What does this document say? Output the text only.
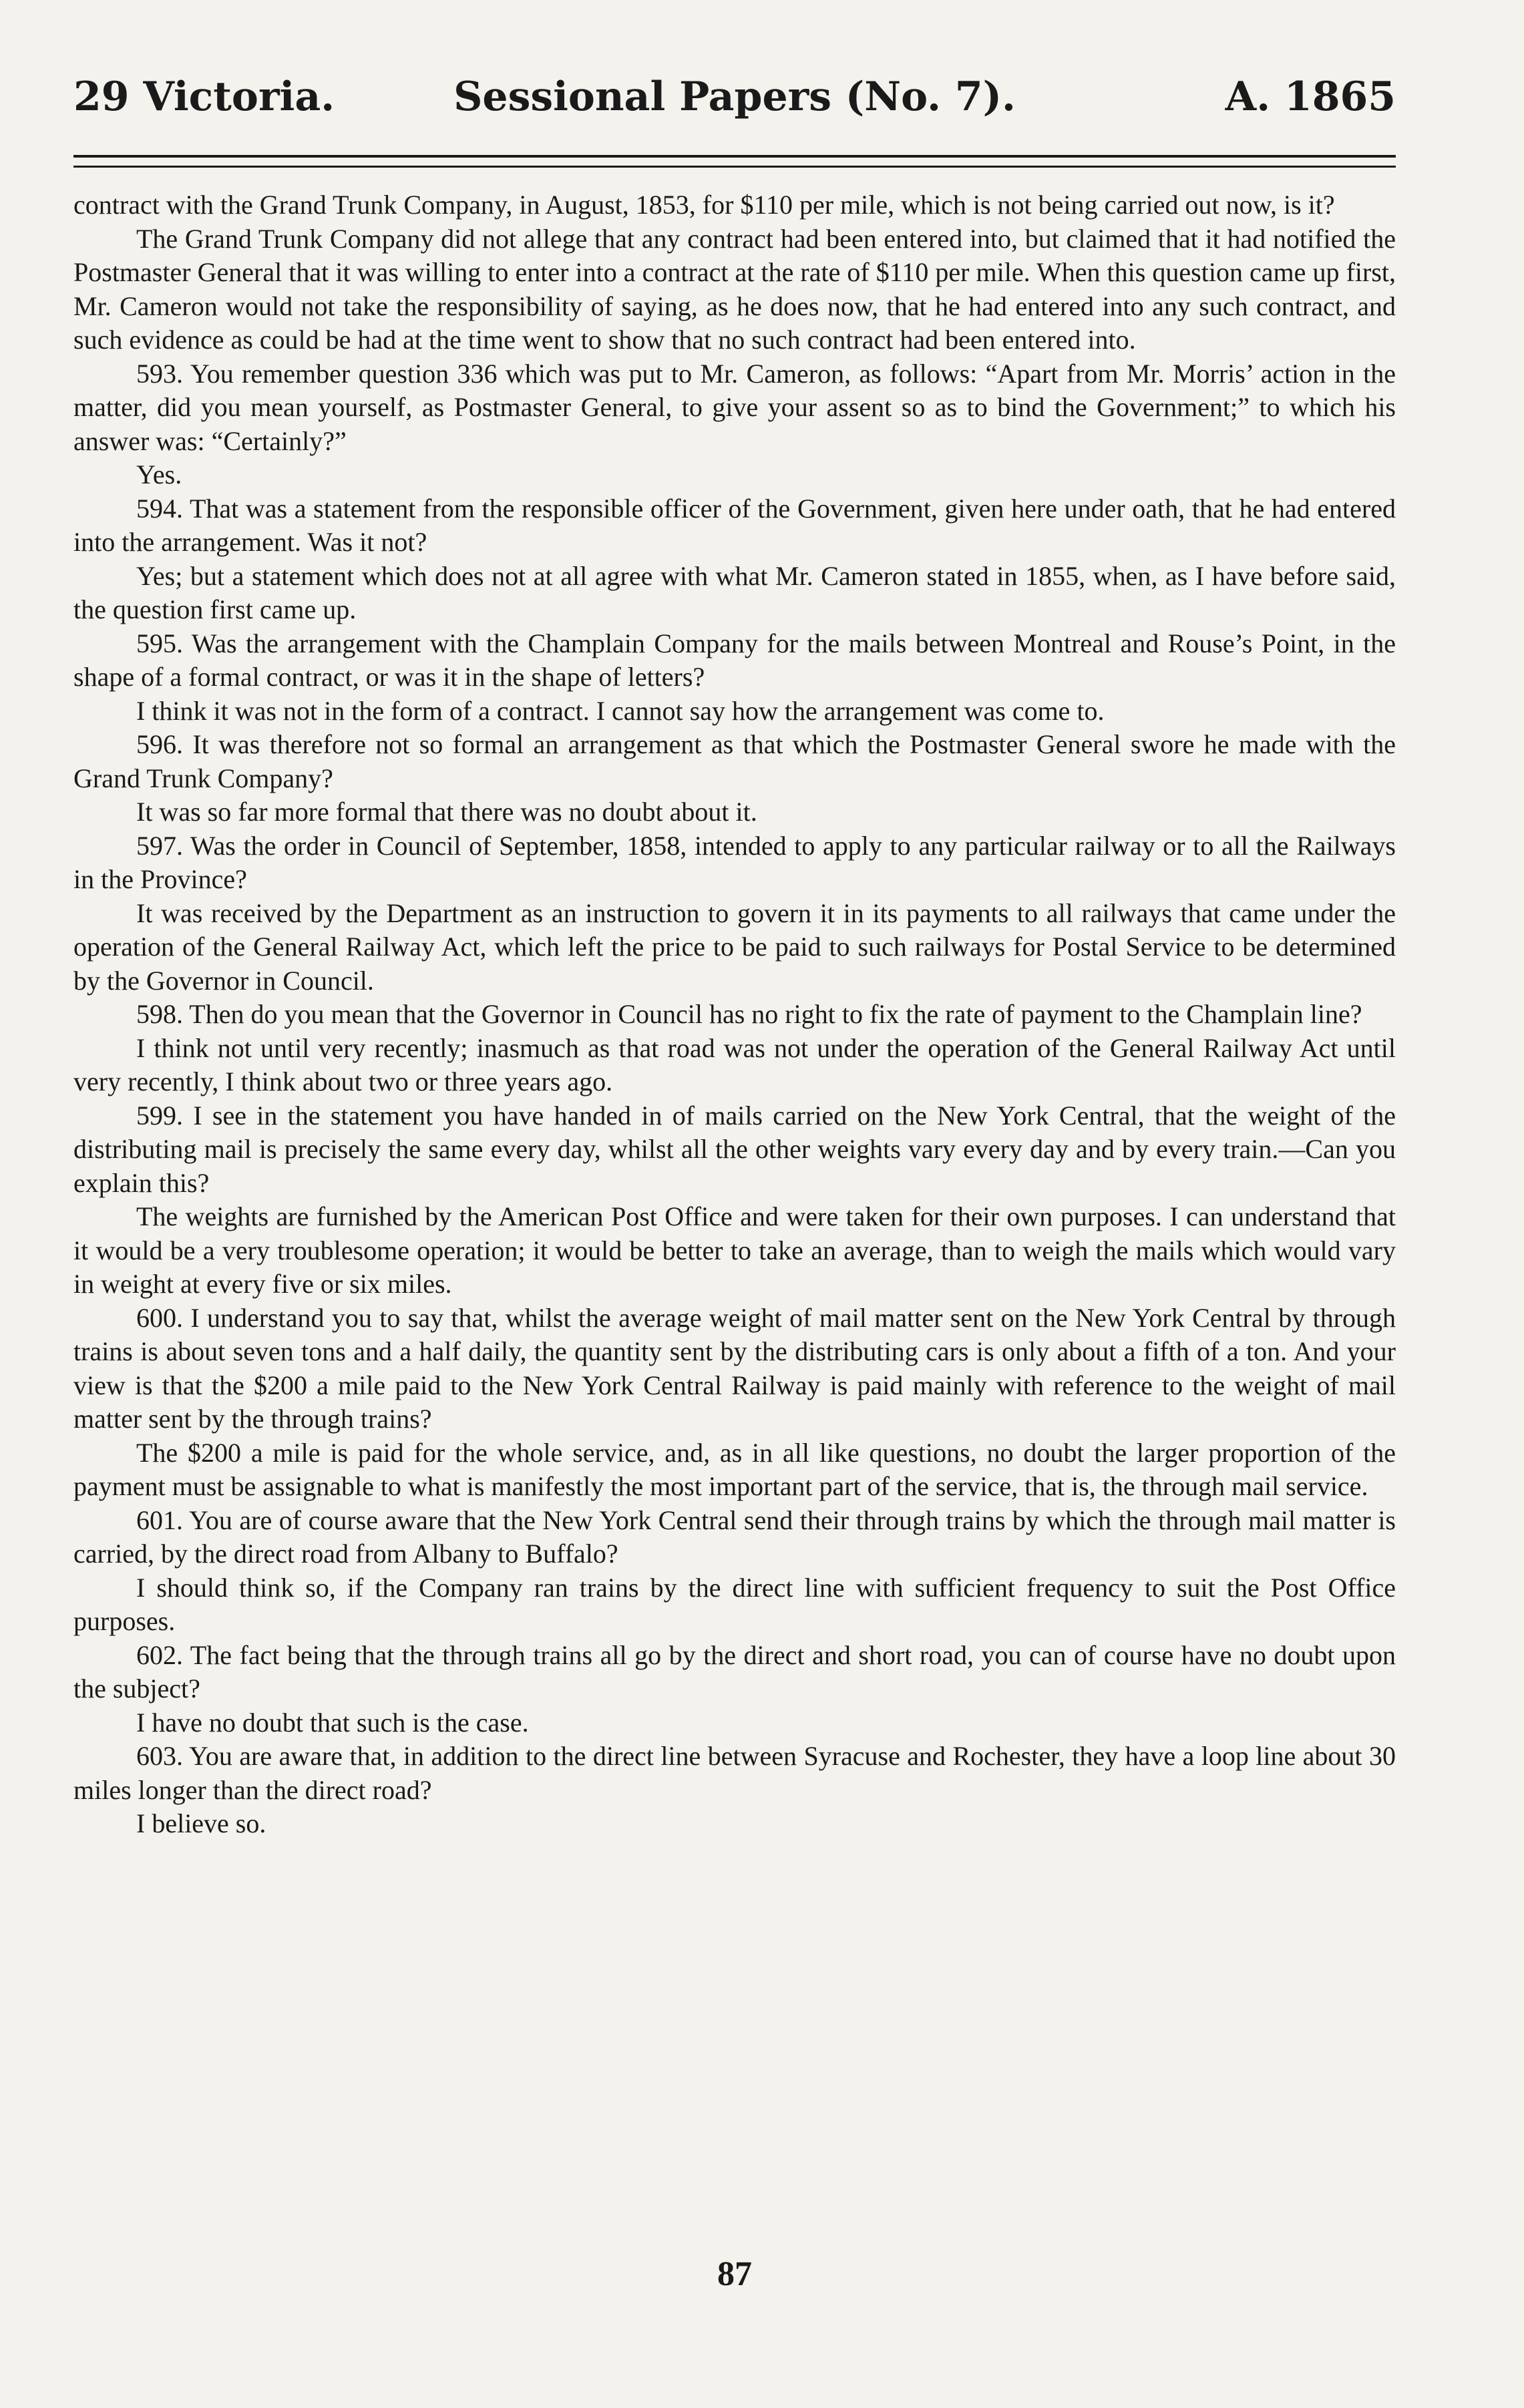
29 Victoria.	Sessional Papers (No. 7).	A. 1865

contract with the Grand Trunk Company, in August, 1853, for $110 per mile, which is not being carried out now, is it?

The Grand Trunk Company did not allege that any contract had been entered into, but claimed that it had notified the Postmaster General that it was willing to enter into a contract at the rate of $110 per mile. When this question came up first, Mr. Cameron would not take the responsibility of saying, as he does now, that he had entered into any such contract, and such evidence as could be had at the time went to show that no such contract had been entered into.

593. You remember question 336 which was put to Mr. Cameron, as follows: “Apart from Mr. Morris’ action in the matter, did you mean yourself, as Postmaster General, to give your assent so as to bind the Government;” to which his answer was: “Certainly?”

Yes.

594. That was a statement from the responsible officer of the Government, given here under oath, that he had entered into the arrangement. Was it not?

Yes; but a statement which does not at all agree with what Mr. Cameron stated in 1855, when, as I have before said, the question first came up.

595. Was the arrangement with the Champlain Company for the mails between Montreal and Rouse’s Point, in the shape of a formal contract, or was it in the shape of letters?

I think it was not in the form of a contract. I cannot say how the arrangement was come to.

596. It was therefore not so formal an arrangement as that which the Postmaster General swore he made with the Grand Trunk Company?

It was so far more formal that there was no doubt about it.

597. Was the order in Council of September, 1858, intended to apply to any particular railway or to all the Railways in the Province?

It was received by the Department as an instruction to govern it in its payments to all railways that came under the operation of the General Railway Act, which left the price to be paid to such railways for Postal Service to be determined by the Governor in Council.

598. Then do you mean that the Governor in Council has no right to fix the rate of payment to the Champlain line?

I think not until very recently; inasmuch as that road was not under the operation of the General Railway Act until very recently, I think about two or three years ago.

599. I see in the statement you have handed in of mails carried on the New York Central, that the weight of the distributing mail is precisely the same every day, whilst all the other weights vary every day and by every train.—Can you explain this?

The weights are furnished by the American Post Office and were taken for their own purposes. I can understand that it would be a very troublesome operation; it would be better to take an average, than to weigh the mails which would vary in weight at every five or six miles.

600. I understand you to say that, whilst the average weight of mail matter sent on the New York Central by through trains is about seven tons and a half daily, the quantity sent by the distributing cars is only about a fifth of a ton. And your view is that the $200 a mile paid to the New York Central Railway is paid mainly with reference to the weight of mail matter sent by the through trains?

The $200 a mile is paid for the whole service, and, as in all like questions, no doubt the larger proportion of the payment must be assignable to what is manifestly the most important part of the service, that is, the through mail service.

601. You are of course aware that the New York Central send their through trains by which the through mail matter is carried, by the direct road from Albany to Buffalo?

I should think so, if the Company ran trains by the direct line with sufficient frequency to suit the Post Office purposes.

602. The fact being that the through trains all go by the direct and short road, you can of course have no doubt upon the subject?

I have no doubt that such is the case.

603. You are aware that, in addition to the direct line between Syracuse and Rochester, they have a loop line about 30 miles longer than the direct road?

I believe so.

87
